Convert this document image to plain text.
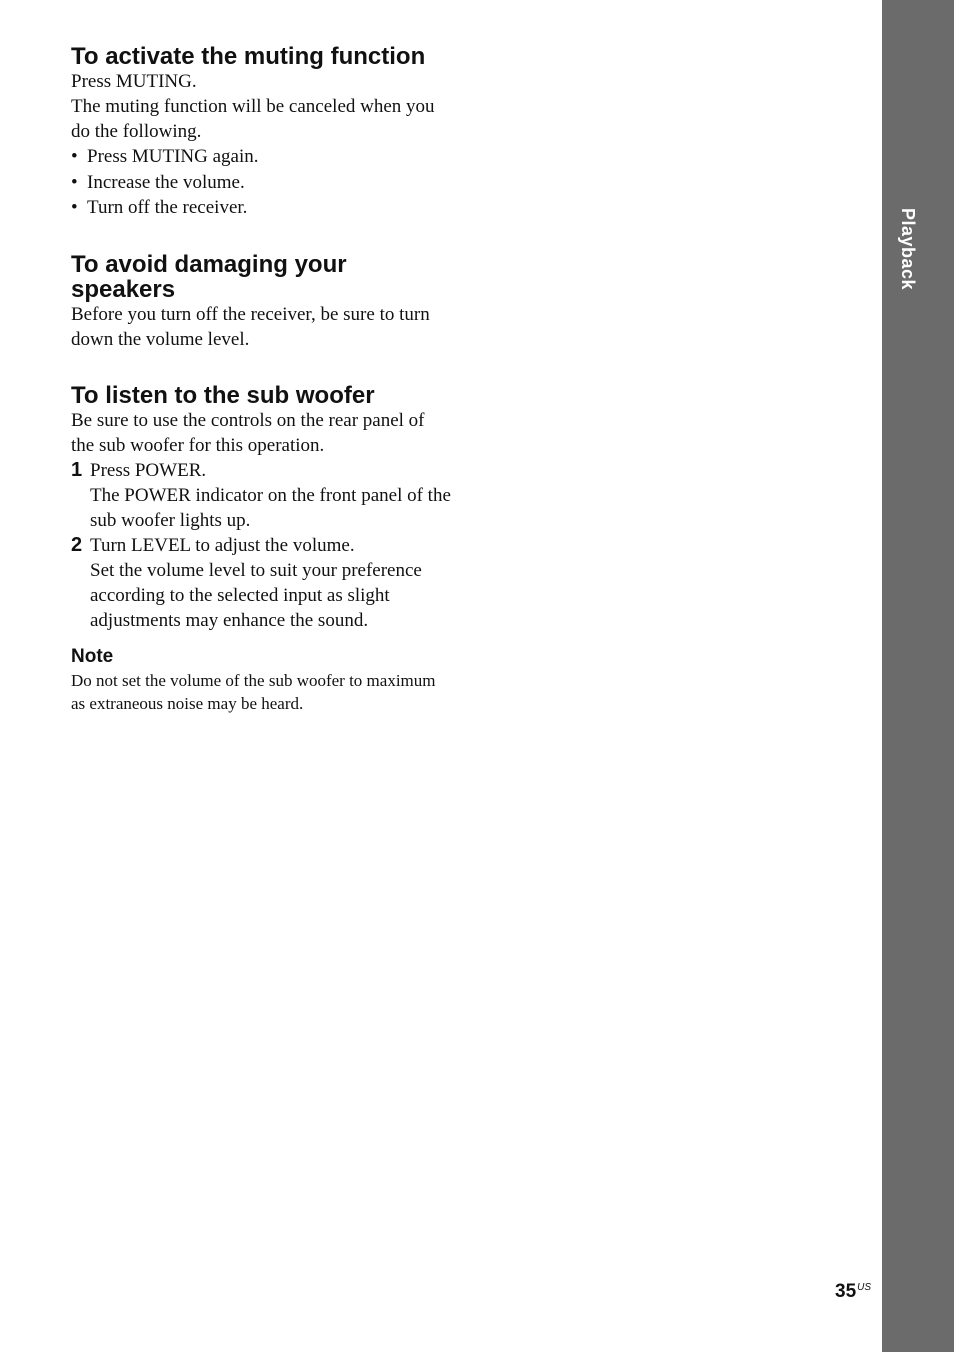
Playback
To activate the muting function

Press MUTING.

The muting function will be canceled when you do the following.

• Press MUTING again.
• Increase the volume.
• Turn off the receiver.
To avoid damaging your speakers

Before you turn off the receiver, be sure to turn down the volume level.

To listen to the sub woofer

Be sure to use the controls on the rear panel of the sub woofer for this operation.

1 Press POWER.

The POWER indicator on the front panel of the sub woofer lights up.

2 Turn LEVEL to adjust the volume.

Set the volume level to suit your preference according to the selected input as slight adjustments may enhance the sound.

Note

Do not set the volume of the sub woofer to maximum as extraneous noise may be heard.

$35^{US}$
